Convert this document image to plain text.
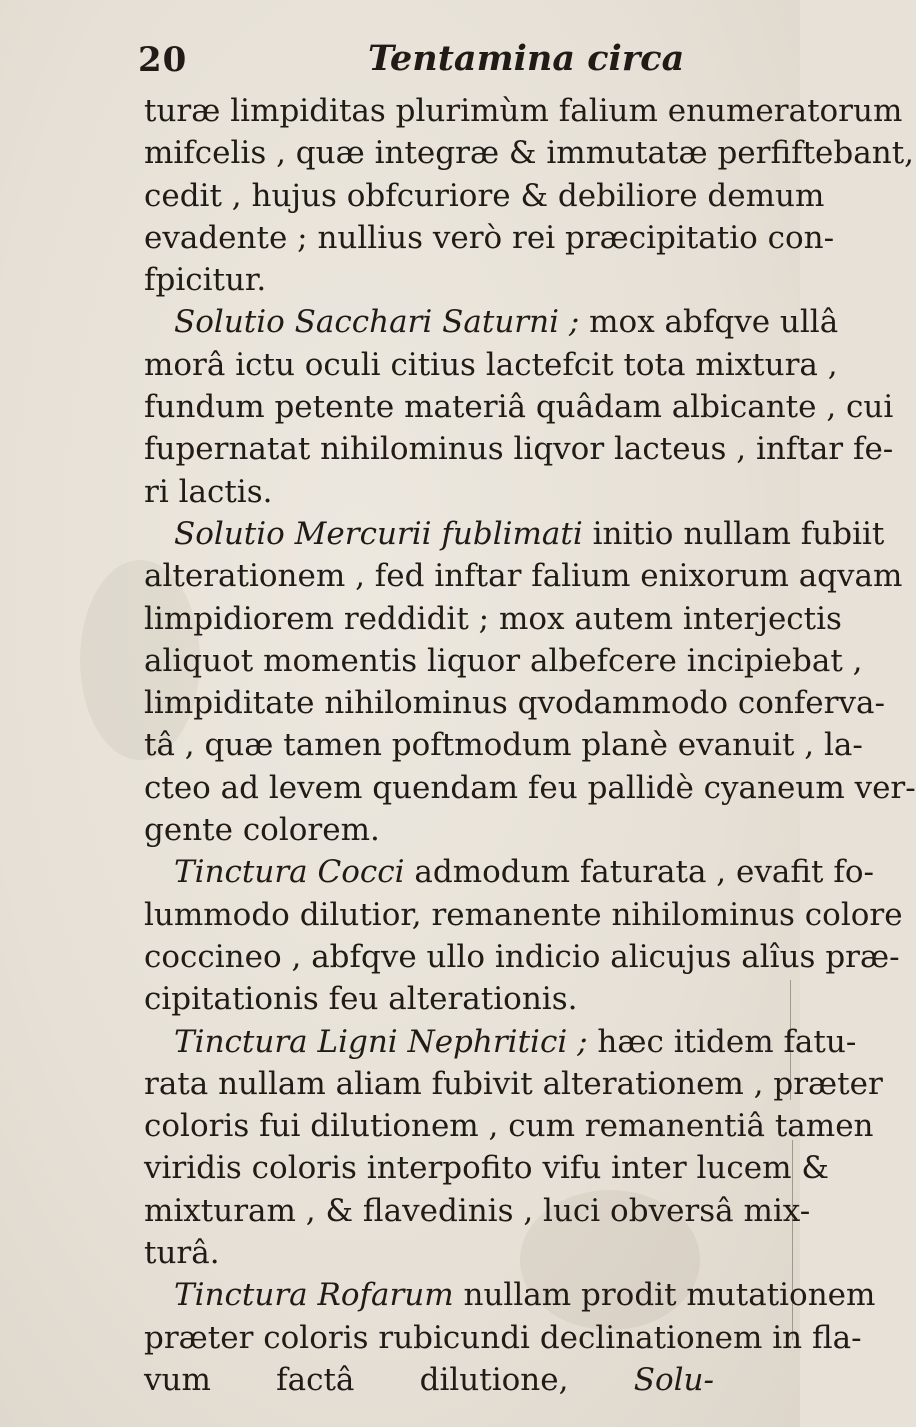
20	Tentamina circa
turæ limpiditas plurimùm falium enumeratorum
mifcelis , quæ integræ & immutatæ perfiftebant,
cedit , hujus obfcuriore & debiliore demum
evadente ; nullius verò rei præcipitatio con-
fpicitur.
Solutio Sacchari Saturni ; mox abfqve ullâ
morâ ictu oculi citius lactefcit tota mixtura ,
fundum petente materiâ quâdam albicante , cui
fupernatat nihilominus liqvor lacteus , inftar fe-
ri lactis.
Solutio Mercurii fublimati initio nullam fubiit
alterationem , fed inftar falium enixorum aqvam
limpidiorem reddidit ; mox autem interjectis
aliquot momentis liquor albefcere incipiebat ,
limpiditate nihilominus qvodammodo conferva-
tâ , quæ tamen poftmodum planè evanuit , la-
cteo ad levem quendam feu pallidè cyaneum ver-
gente colorem.
Tinctura Cocci admodum faturata , evafit fo-
lummodo dilutior, remanente nihilominus colore
coccineo , abfqve ullo indicio alicujus alîus præ-
cipitationis feu alterationis.
Tinctura Ligni Nephritici ; hæc itidem fatu-
rata nullam aliam fubivit alterationem , præter
coloris fui dilutionem , cum remanentiâ tamen
viridis coloris interpofito vifu inter lucem &
mixturam , & flavedinis , luci obversâ mix-
turâ.
Tinctura Rofarum nullam prodit mutationem
præter coloris rubicundi declinationem in fla-
vum factâ dilutione, Solu-
